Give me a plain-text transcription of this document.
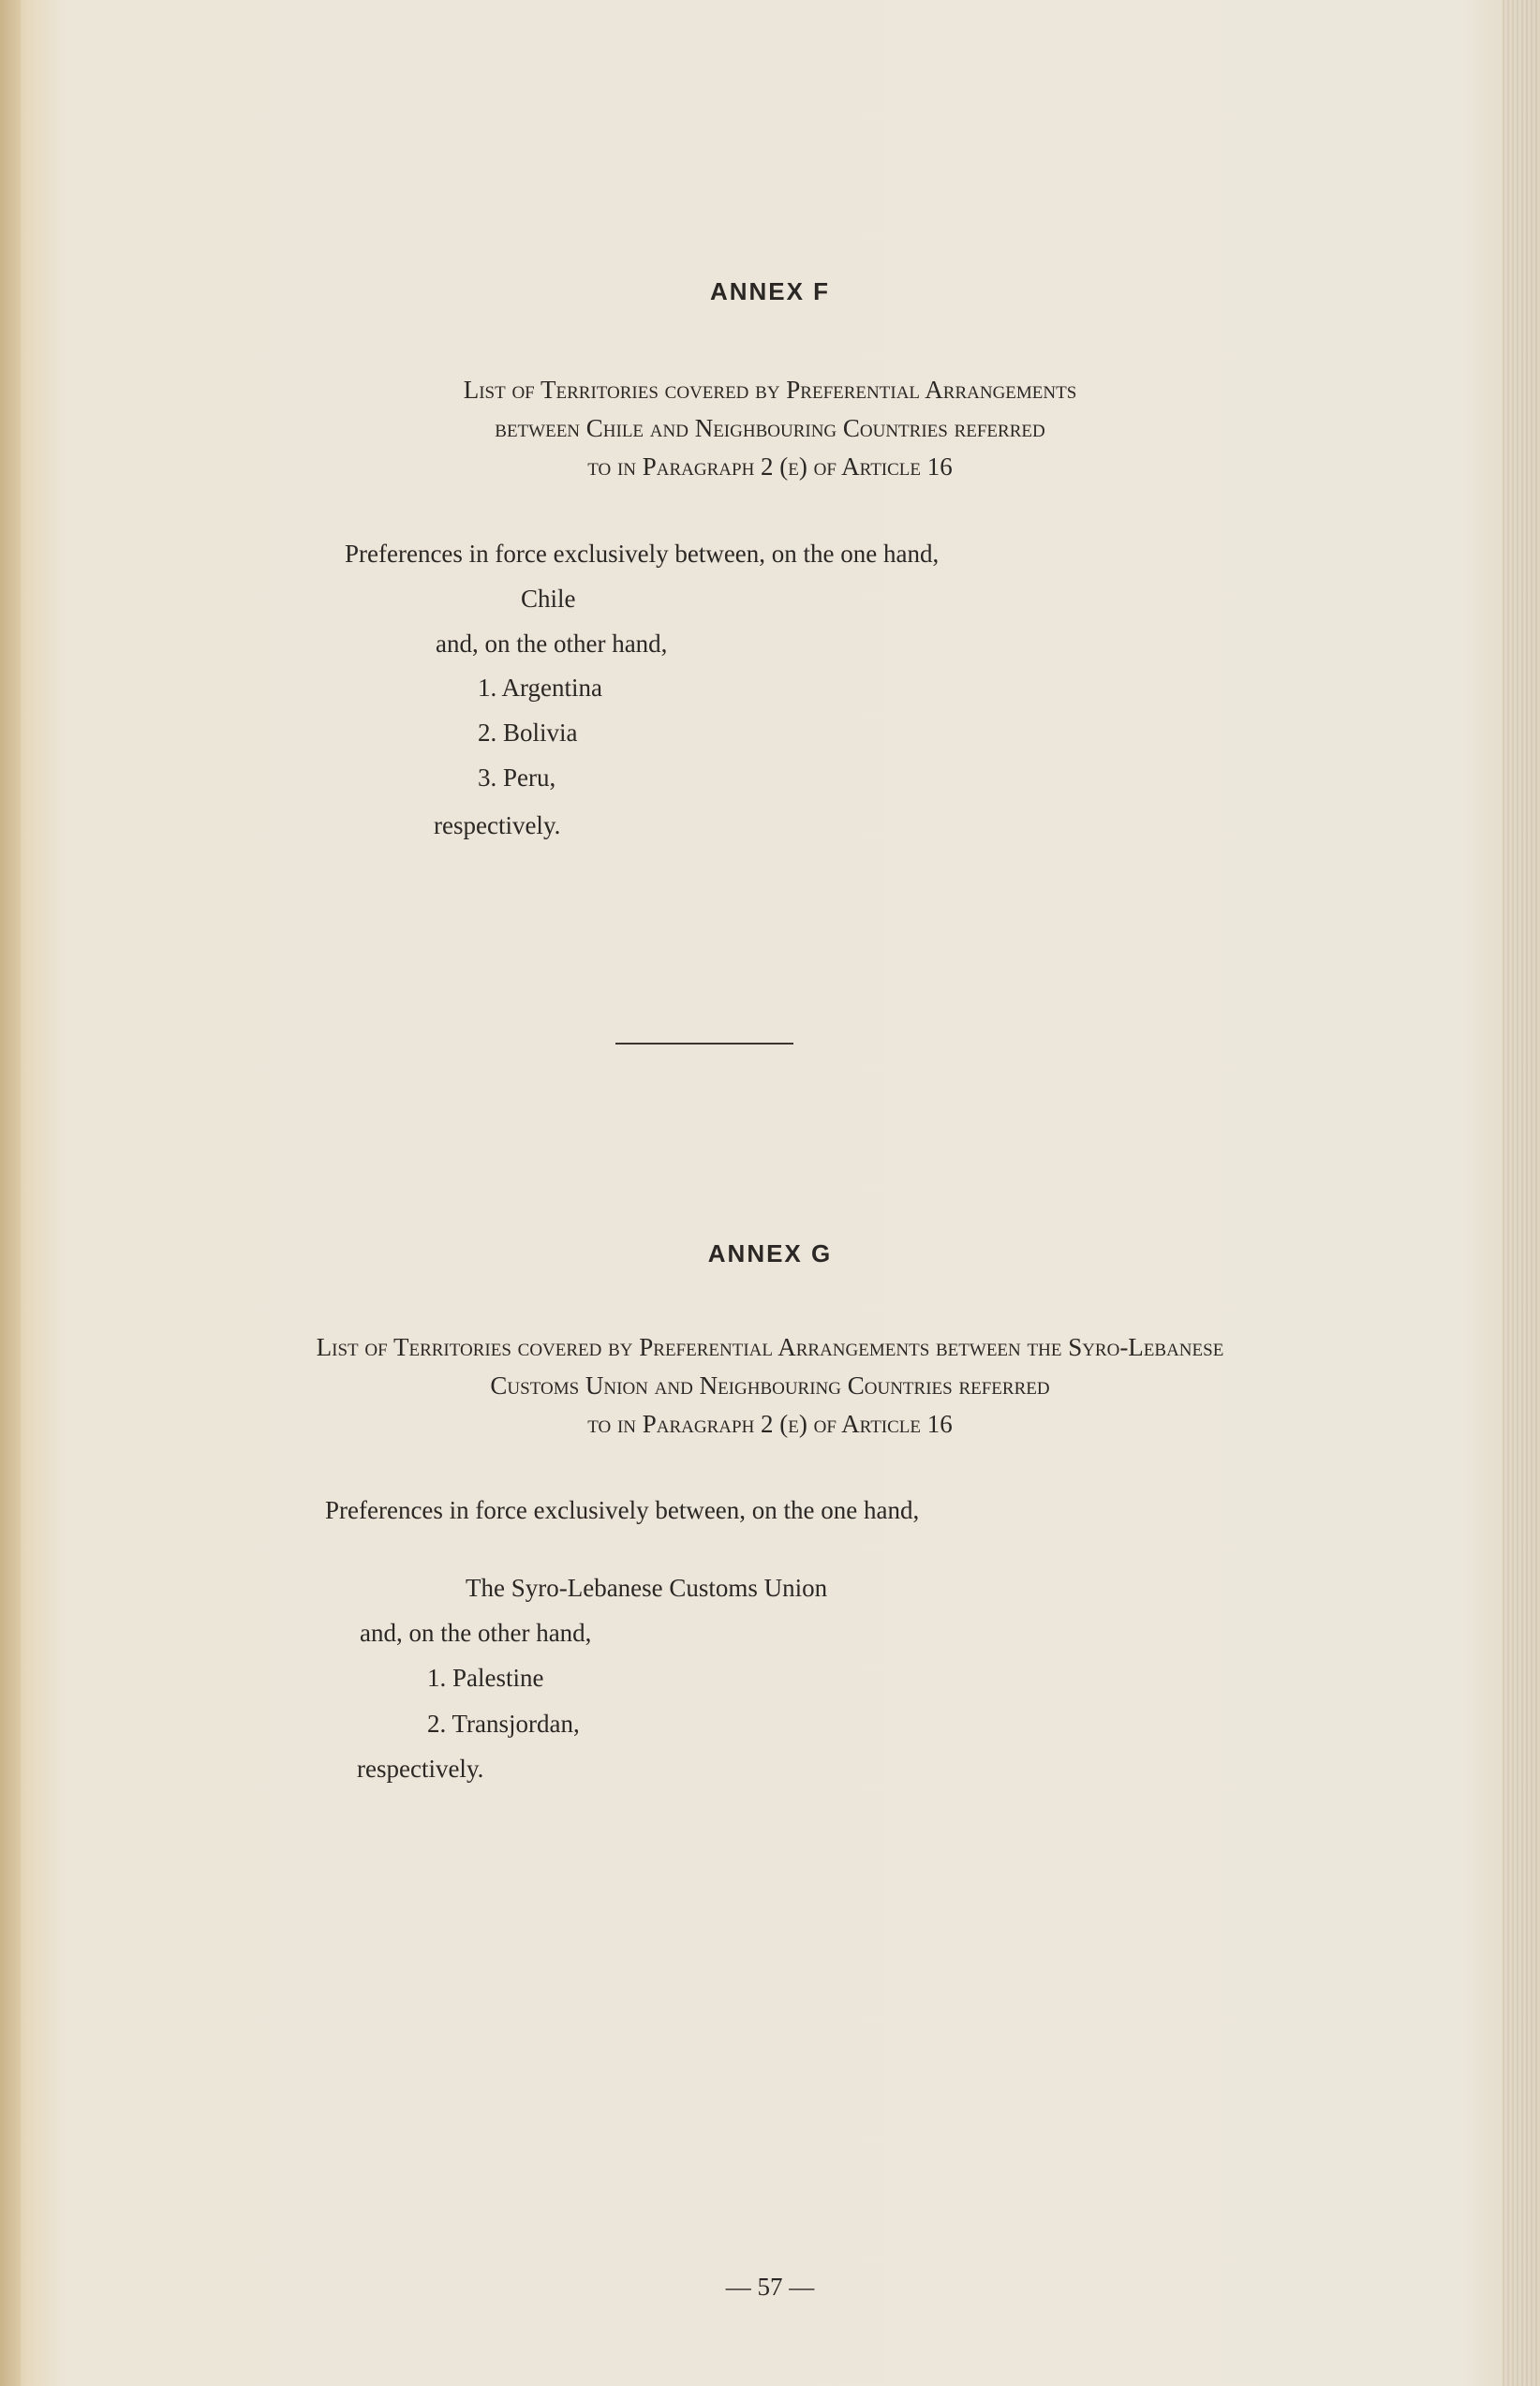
ANNEX F
List of Territories covered by Preferential Arrangements
between Chile and Neighbouring Countries referred
to in Paragraph 2 (e) of Article 16
Preferences in force exclusively between, on the one hand,
Chile
and, on the other hand,
1. Argentina
2. Bolivia
3. Peru,
respectively.
ANNEX G
List of Territories covered by Preferential Arrangements between the Syro-Lebanese
Customs Union and Neighbouring Countries referred
to in Paragraph 2 (e) of Article 16
Preferences in force exclusively between, on the one hand,
The Syro-Lebanese Customs Union
and, on the other hand,
1. Palestine
2. Transjordan,
respectively.
— 57 —
